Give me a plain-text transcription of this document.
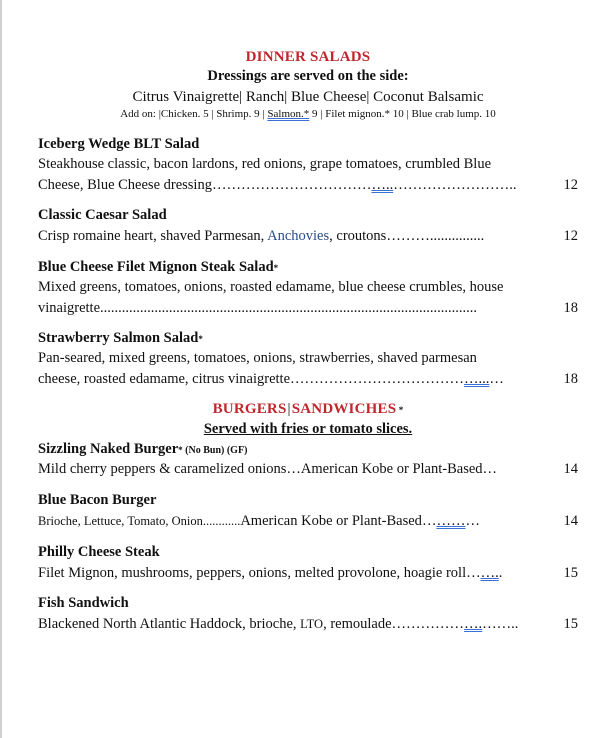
DINNER SALADS
Dressings are served on the side:
Citrus Vinaigrette| Ranch| Blue Cheese| Coconut Balsamic
Add on: |Chicken. 5 | Shrimp. 9 | Salmon.* 9 | Filet mignon.* 10 | Blue crab lump. 10
Iceberg Wedge BLT Salad
Steakhouse classic, bacon lardons, red onions, grape tomatoes, crumbled Blue
Cheese, Blue Cheese dressing………………………………..……………………..	12
Classic Caesar Salad
Crisp romaine heart, shaved Parmesan, Anchovies, croutons………...............	12
Blue Cheese Filet Mignon Steak Salad*
Mixed greens, tomatoes, onions, roasted edamame, blue cheese crumbles, house
vinaigrette........................................................................................................	18
Strawberry Salmon Salad*
Pan-seared, mixed greens, tomatoes, onions, strawberries, shaved parmesan
cheese, roasted edamame, citrus vinaigrette…………………………………...…	18
BURGERS|SANDWICHES *
Served with fries or tomato slices.
Sizzling Naked Burger* (No Bun) (GF)
Mild cherry peppers & caramelized onions…American Kobe or Plant-Based…	14
Blue Bacon Burger
Brioche, Lettuce, Tomato, Onion............American Kobe or Plant-Based…………	14
Philly Cheese Steak
Filet Mignon, mushrooms, peppers, onions, melted provolone, hoagie roll……..	15
Fish Sandwich
Blackened North Atlantic Haddock, brioche, LTO, remoulade……………….……..	15
